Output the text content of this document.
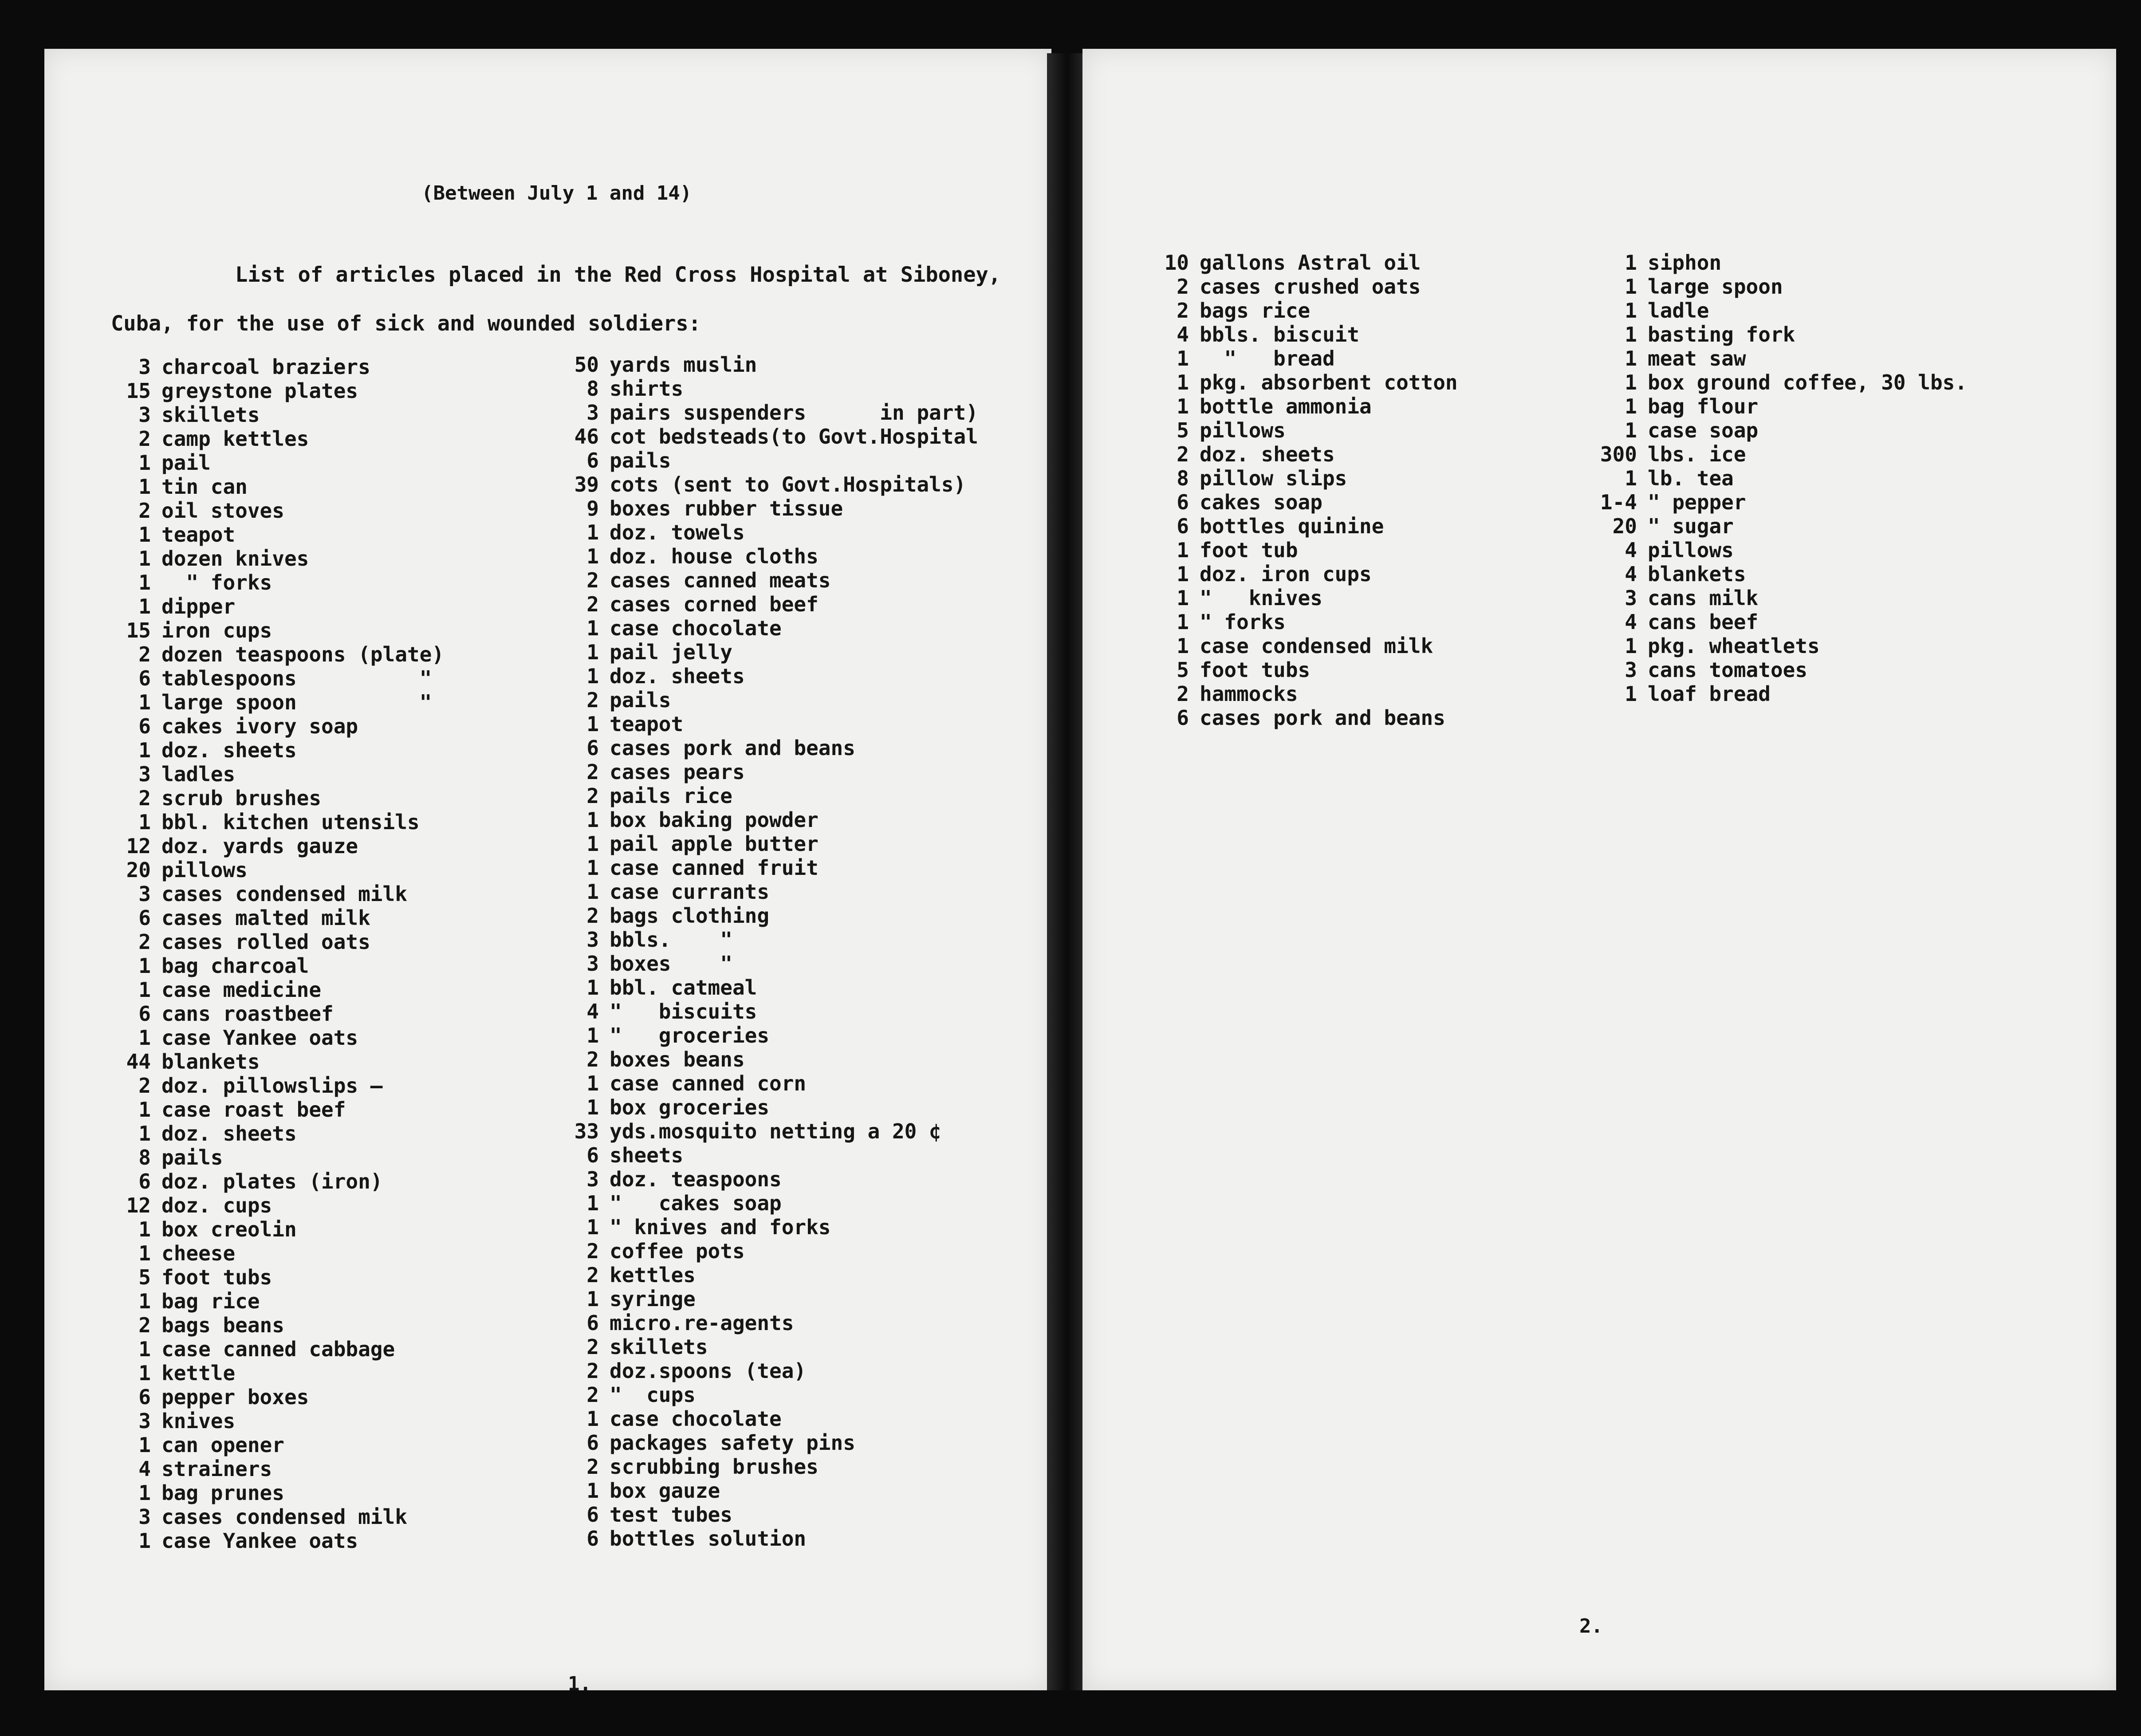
(Between July 1 and 14)
List of articles placed in the Red Cross Hospital at Siboney, Cuba, for the use of sick and wounded soldiers:
3 charcoal braziers
15 greystone plates
3 skillets
2 camp kettles
1 pail
1 tin can
2 oil stoves
1 teapot
1 dozen knives
1  " forks
1 dipper
15 iron cups
2 dozen teaspoons (plate)
6 tablespoons          "
1 large spoon          "
6 cakes ivory soap
1 doz. sheets
3 ladles
2 scrub brushes
1 bbl. kitchen utensils
12 doz. yards gauze
20 pillows
3 cases condensed milk
6 cases malted milk
2 cases rolled oats
1 bag charcoal
1 case medicine
6 cans roastbeef
1 case Yankee oats
44 blankets
2 doz. pillowslips —
1 case roast beef
1 doz. sheets
8 pails
6 doz. plates (iron)
12 doz. cups
1 box creolin
1 cheese
5 foot tubs
1 bag rice
2 bags beans
1 case canned cabbage
1 kettle
6 pepper boxes
3 knives
1 can opener
4 strainers
1 bag prunes
3 cases condensed milk
1 case Yankee oats
50 yards muslin
8 shirts
3 pairs suspenders      in part)
46 cot bedsteads(to Govt.Hospital
6 pails
39 cots (sent to Govt.Hospitals)
9 boxes rubber tissue
1 doz. towels
1 doz. house cloths
2 cases canned meats
2 cases corned beef
1 case chocolate
1 pail jelly
1 doz. sheets
2 pails
1 teapot
6 cases pork and beans
2 cases pears
2 pails rice
1 box baking powder
1 pail apple butter
1 case canned fruit
1 case currants
2 bags clothing
3 bbls.    "
3 boxes    "
1 bbl. catmeal
4 "   biscuits
1 "   groceries
2 boxes beans
1 case canned corn
1 box groceries
33 yds.mosquito netting a 20 ¢
6 sheets
3 doz. teaspoons
1 "   cakes soap
1 " knives and forks
2 coffee pots
2 kettles
1 syringe
6 micro.re-agents
2 skillets
2 doz.spoons (tea)
2 "  cups
1 case chocolate
6 packages safety pins
2 scrubbing brushes
1 box gauze
6 test tubes
6 bottles solution
1.
10 gallons Astral oil
2 cases crushed oats
2 bags rice
4 bbls. biscuit
1  "   bread
1 pkg. absorbent cotton
1 bottle ammonia
5 pillows
2 doz. sheets
8 pillow slips
6 cakes soap
6 bottles quinine
1 foot tub
1 doz. iron cups
1 "   knives
1 " forks
1 case condensed milk
5 foot tubs
2 hammocks
6 cases pork and beans
1 siphon
1 large spoon
1 ladle
1 basting fork
1 meat saw
1 box ground coffee, 30 lbs.
1 bag flour
1 case soap
300 lbs. ice
1 lb. tea
1-4 " pepper
20 " sugar
4 pillows
4 blankets
3 cans milk
4 cans beef
1 pkg. wheatlets
3 cans tomatoes
1 loaf bread
2.
